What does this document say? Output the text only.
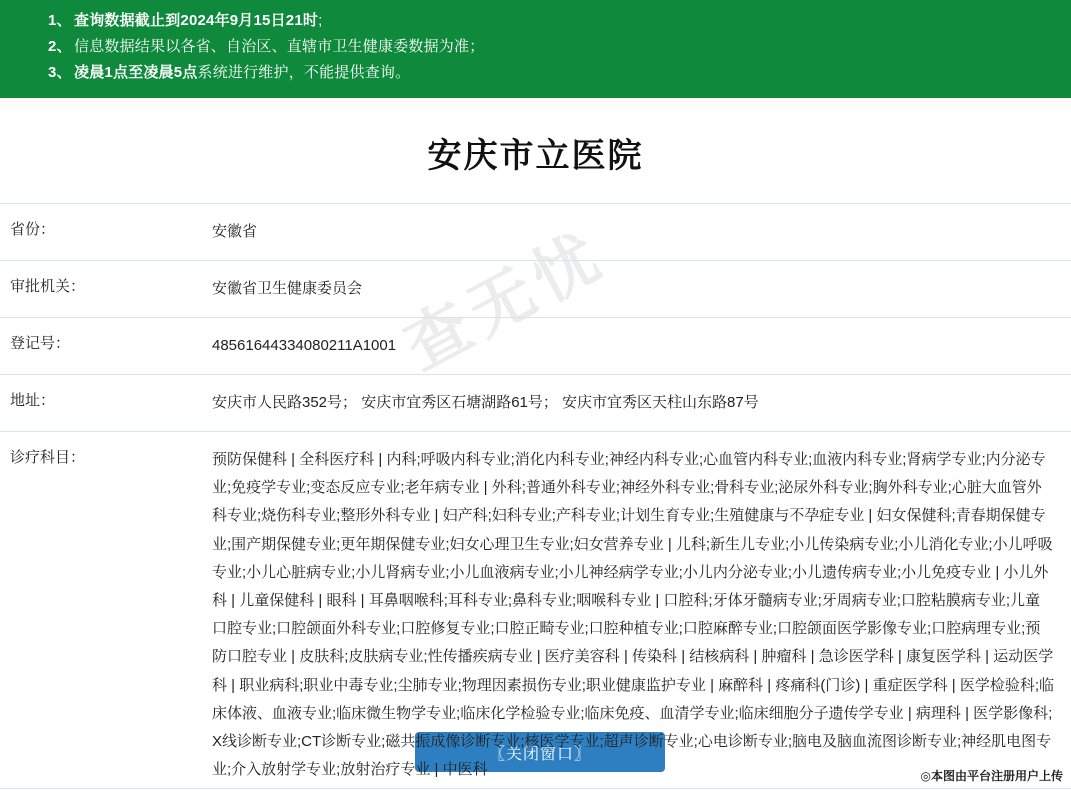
1、 查询数据截止到2024年9月15日21时;
2、 信息数据结果以各省、自治区、直辖市卫生健康委数据为准；
3、 凌晨1点至凌晨5点系统进行维护，不能提供查询。
安庆市立医院
查无忧
省份：	安徽省
审批机关：	安徽省卫生健康委员会
登记号：	48561644334080211A1001
地址：	安庆市人民路352号； 安庆市宜秀区石塘湖路61号； 安庆市宜秀区天柱山东路87号
诊疗科目：	预防保健科 | 全科医疗科 | 内科;呼吸内科专业;消化内科专业;神经内科专业;心血管内科专业;血液内科专业;肾病学专业;内分泌专业;免疫学专业;变态反应专业;老年病专业 | 外科;普通外科专业;神经外科专业;骨科专业;泌尿外科专业;胸外科专业;心脏大血管外科专业;烧伤科专业;整形外科专业 | 妇产科;妇科专业;产科专业;计划生育专业;生殖健康与不孕症专业 | 妇女保健科;青春期保健专业;围产期保健专业;更年期保健专业;妇女心理卫生专业;妇女营养专业 | 儿科;新生儿专业;小儿传染病专业;小儿消化专业;小儿呼吸专业;小儿心脏病专业;小儿肾病专业;小儿血液病专业;小儿神经病学专业;小儿内分泌专业;小儿遗传病专业;小儿免疫专业 | 小儿外科 | 儿童保健科 | 眼科 | 耳鼻咽喉科;耳科专业;鼻科专业;咽喉科专业 | 口腔科;牙体牙髓病专业;牙周病专业;口腔粘膜病专业;儿童口腔专业;口腔颌面外科专业;口腔修复专业;口腔正畸专业;口腔种植专业;口腔麻醉专业;口腔颌面医学影像专业;口腔病理专业;预防口腔专业 | 皮肤科;皮肤病专业;性传播疾病专业 | 医疗美容科 | 传染科 | 结核病科 | 肿瘤科 | 急诊医学科 | 康复医学科 | 运动医学科 | 职业病科;职业中毒专业;尘肺专业;物理因素损伤专业;职业健康监护专业 | 麻醉科 | 疼痛科(门诊) | 重症医学科 | 医学检验科;临床体液、血液专业;临床微生物学专业;临床化学检验专业;临床免疫、血清学专业;临床细胞分子遗传学专业 | 病理科 | 医学影像科;X线诊断专业;CT诊断专业;磁共振成像诊断专业;核医学专业;超声诊断专业;心电诊断专业;脑电及脑血流图诊断专业;神经肌电图专业;介入放射学专业;放射治疗专业 | 中医科
〖关闭窗口〗
◎本图由平台注册用户上传
